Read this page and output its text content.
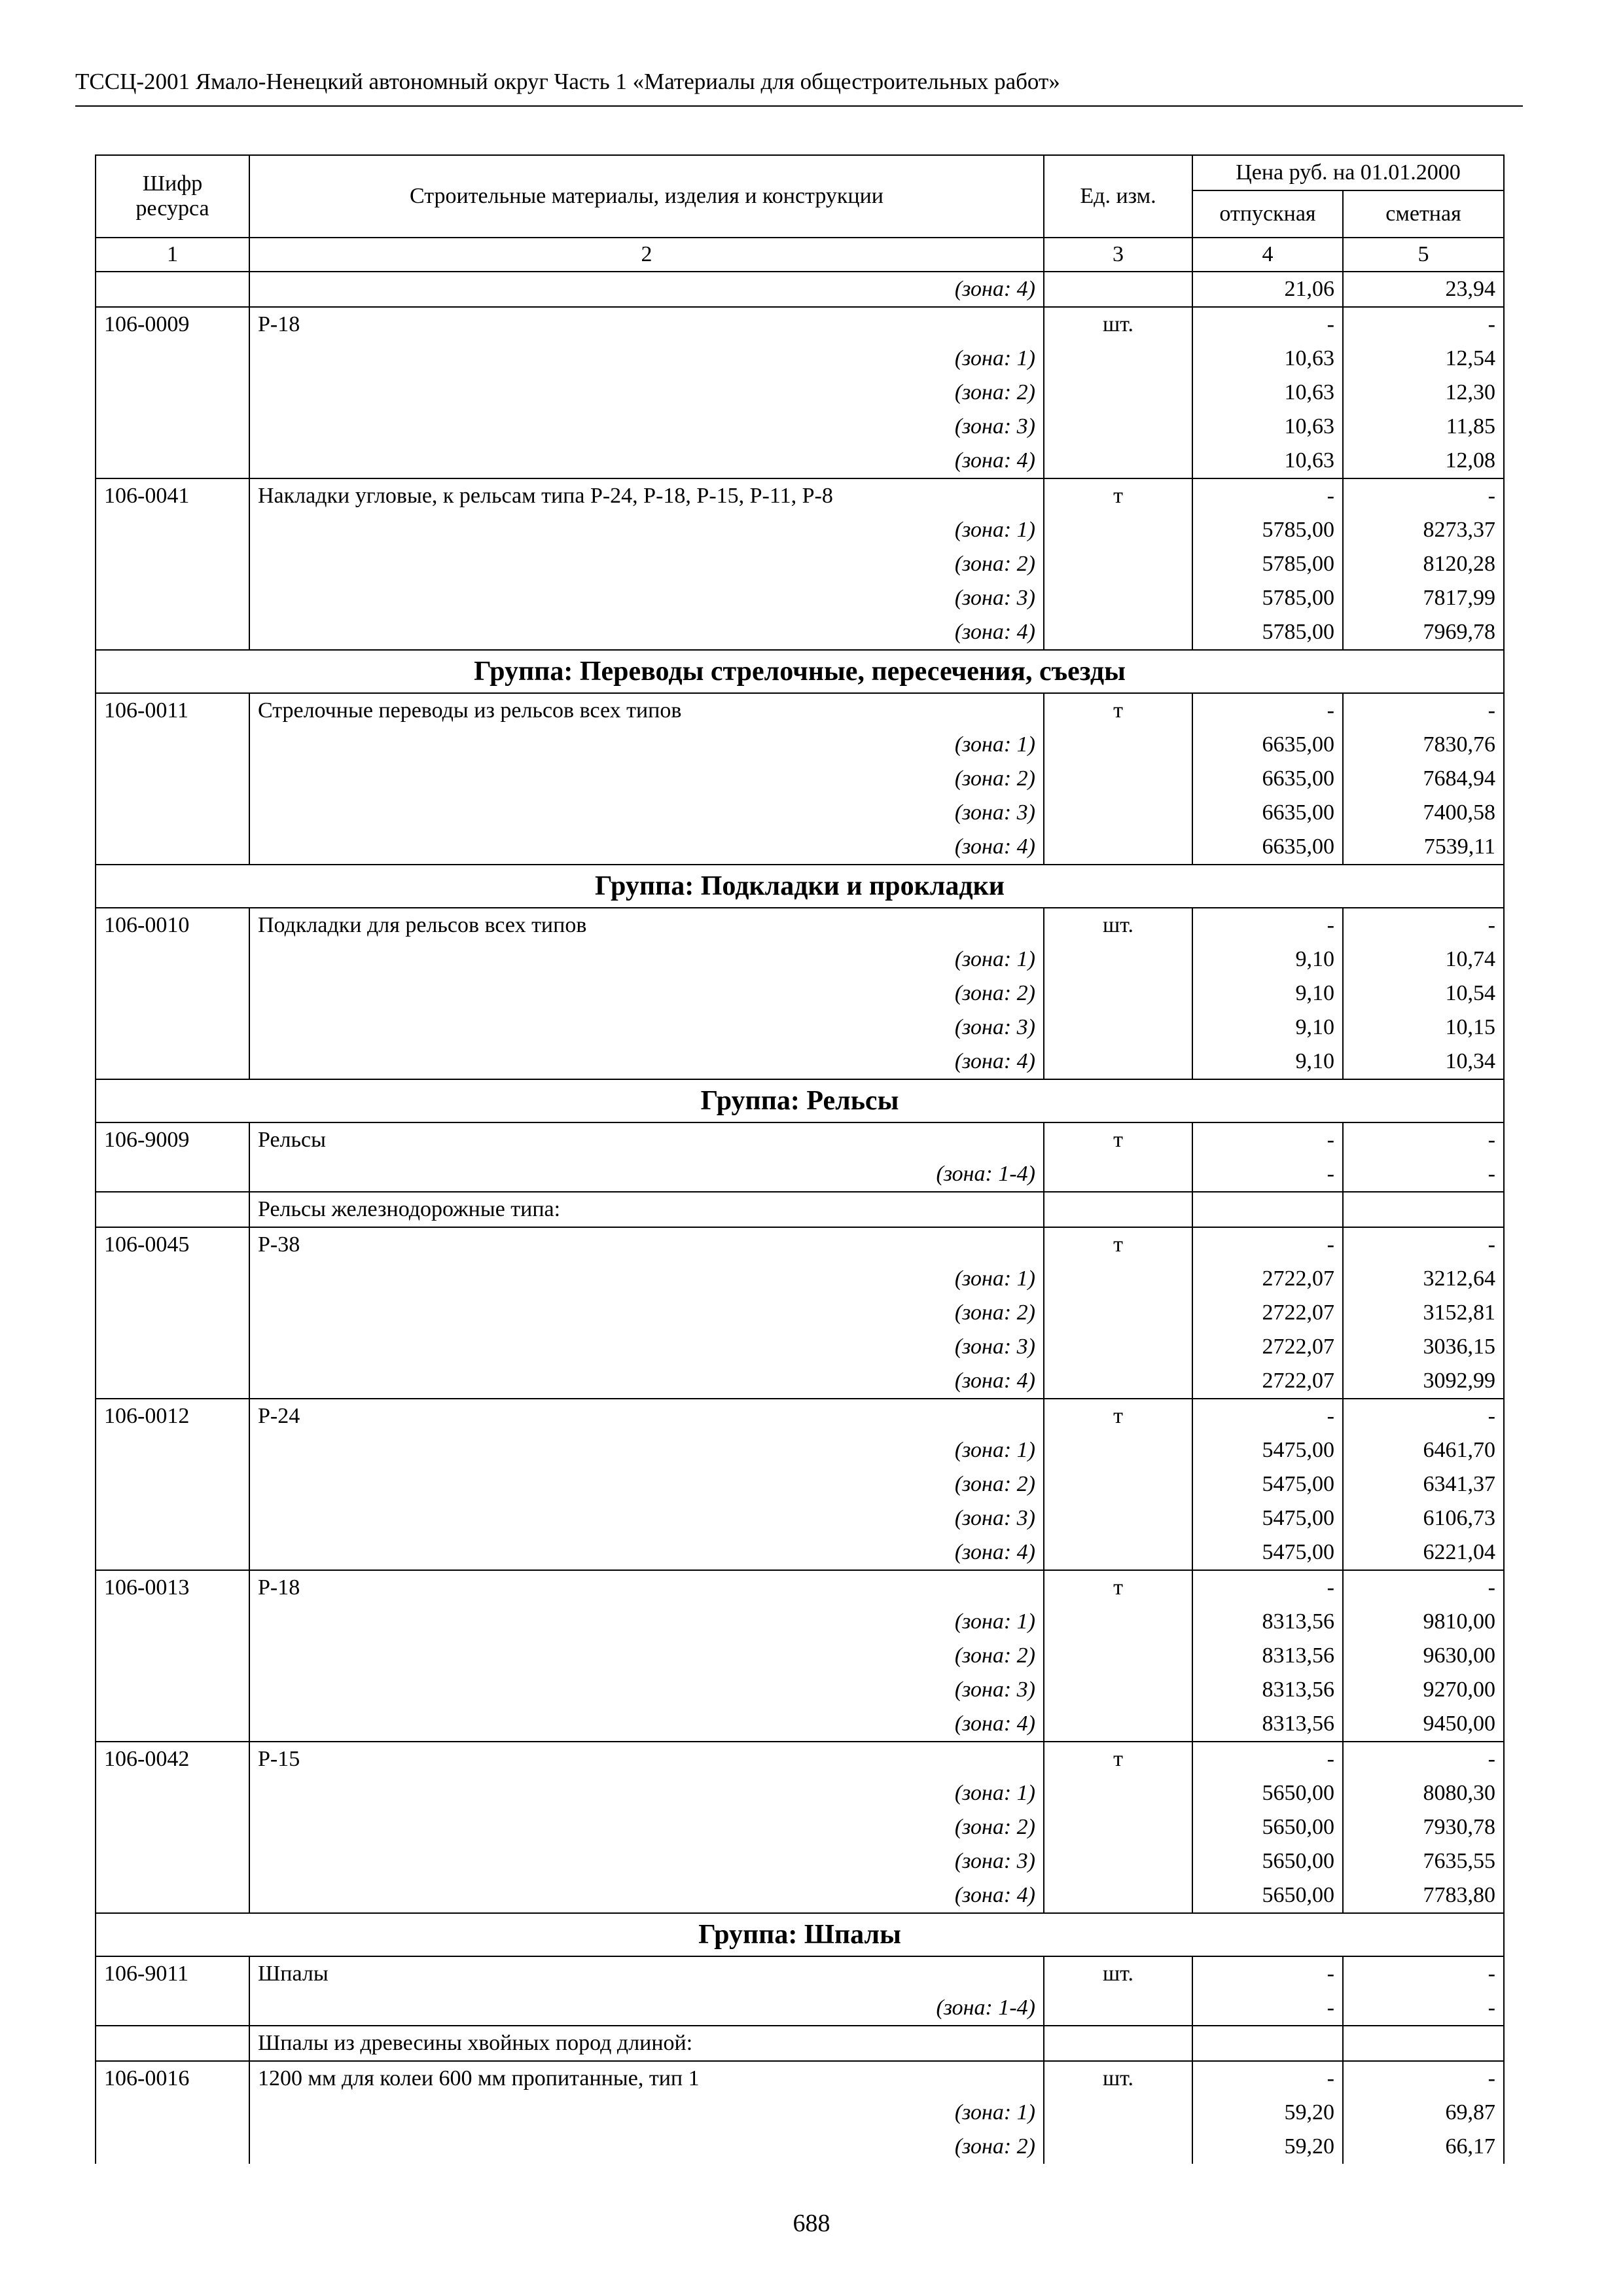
ТССЦ-2001 Ямало-Ненецкий автономный округ Часть 1 «Материалы для общестроительных работ»
Шифр ресурса	Строительные материалы, изделия и конструкции	Ед. изм.	Цена руб. на 01.01.2000	
			отпускная	сметная
1	2	3	4	5
	(зона: 4)		21,06	23,94
106-0009	Р-18	шт.	-	-
	(зона: 1)		10,63	12,54
	(зона: 2)		10,63	12,30
	(зона: 3)		10,63	11,85
	(зона: 4)		10,63	12,08
106-0041	Накладки угловые, к рельсам типа Р-24, Р-18, Р-15, Р-11, Р-8	т	-	-
	(зона: 1)		5785,00	8273,37
	(зона: 2)		5785,00	8120,28
	(зона: 3)		5785,00	7817,99
	(зона: 4)		5785,00	7969,78
Группа: Переводы стрелочные, пересечения, съезды				
106-0011	Стрелочные переводы из рельсов всех типов	т	-	-
	(зона: 1)		6635,00	7830,76
	(зона: 2)		6635,00	7684,94
	(зона: 3)		6635,00	7400,58
	(зона: 4)		6635,00	7539,11
Группа: Подкладки и прокладки				
106-0010	Подкладки для рельсов всех типов	шт.	-	-
	(зона: 1)		9,10	10,74
	(зона: 2)		9,10	10,54
	(зона: 3)		9,10	10,15
	(зона: 4)		9,10	10,34
Группа: Рельсы				
106-9009	Рельсы	т	-	-
	(зона: 1-4)		-	-
	Рельсы железнодорожные типа:			
106-0045	Р-38	т	-	-
	(зона: 1)		2722,07	3212,64
	(зона: 2)		2722,07	3152,81
	(зона: 3)		2722,07	3036,15
	(зона: 4)		2722,07	3092,99
106-0012	Р-24	т	-	-
	(зона: 1)		5475,00	6461,70
	(зона: 2)		5475,00	6341,37
	(зона: 3)		5475,00	6106,73
	(зона: 4)		5475,00	6221,04
106-0013	Р-18	т	-	-
	(зона: 1)		8313,56	9810,00
	(зона: 2)		8313,56	9630,00
	(зона: 3)		8313,56	9270,00
	(зона: 4)		8313,56	9450,00
106-0042	Р-15	т	-	-
	(зона: 1)		5650,00	8080,30
	(зона: 2)		5650,00	7930,78
	(зона: 3)		5650,00	7635,55
	(зона: 4)		5650,00	7783,80
Группа: Шпалы				
106-9011	Шпалы	шт.	-	-
	(зона: 1-4)		-	-
	Шпалы из древесины хвойных пород длиной:			
106-0016	1200 мм для колеи 600 мм пропитанные, тип 1	шт.	-	-
	(зона: 1)		59,20	69,87
	(зона: 2)		59,20	66,17
688
